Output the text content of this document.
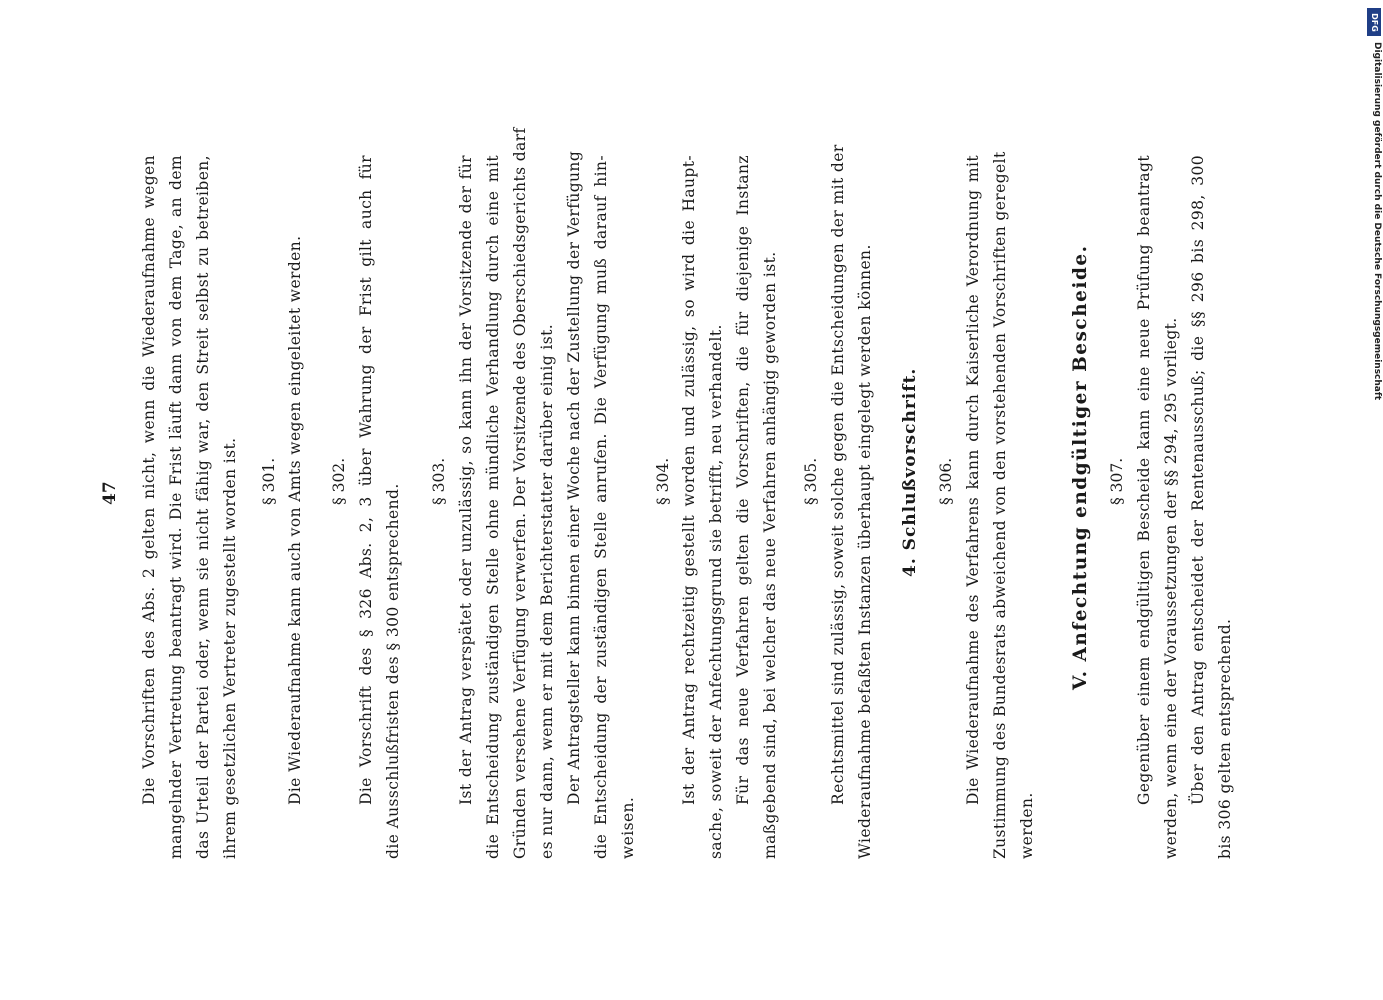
47 Die Vorschriften des Abs. 2 gelten nicht, wenn die Wiederaufnahme wegen mangelnder Vertretung beantragt wird. Die Frist läuft dann von dem Tage, an dem das Urteil der Partei oder, wenn sie nicht fähig war, den Streit selbst zu betreiben, ihrem gesetzlichen Vertreter zugestellt worden ist. § 301. Die Wiederaufnahme kann auch von Amts wegen eingeleitet werden. § 302. Die Vorschrift des § 326 Abs. 2, 3 über Wahrung der Frist gilt auch für die Ausschlußfristen des § 300 entsprechend.
§ 303. Ist der Antrag verspätet oder unzulässig, so kann ihn der Vorsitzende der für die Entscheidung zuständigen Stelle ohne mündliche Verhandlung durch eine mit Gründen versehene Verfügung verwerfen. Der Vorsitzende des Oberschiedsgerichts darf es nur dann, wenn er mit dem Berichterstatter darüber einig ist. Der Antragsteller kann binnen einer Woche nach der Zustellung der Verfügung die Entscheidung der zuständigen Stelle anrufen. Die Verfügung muß darauf hin- weisen.
§ 304. Ist der Antrag rechtzeitig gestellt worden und zulässig, so wird die Haupt- sache, soweit der Anfechtungsgrund sie betrifft, neu verhandelt. Für das neue Verfahren gelten die Vorschriften, die für diejenige Instanz maßgebend sind, bei welcher das neue Verfahren anhängig geworden ist. § 305. Rechtsmittel sind zulässig, soweit solche gegen die Entscheidungen der mit der Wiederaufnahme befaßten Instanzen überhaupt eingelegt werden können. 4. Schlußvorschrift. § 306. Die Wiederaufnahme des Verfahrens kann durch Kaiserliche Verordnung mit Zustimmung des Bundesrats abweichend von den vorstehenden Vorschriften geregelt werden.
V. Anfechtung endgültiger Bescheide. § 307. Gegenüber einem endgültigen Bescheide kann eine neue Prüfung beantragt werden, wenn eine der Voraussetzungen der §§ 294, 295 vorliegt. Über den Antrag entscheidet der Rentenausschuß; die §§ 296 bis 298, 300 bis 306 gelten entsprechend.
DFG
Digitalisierung gefördert durch die Deutsche Forschungsgemeinschaft
